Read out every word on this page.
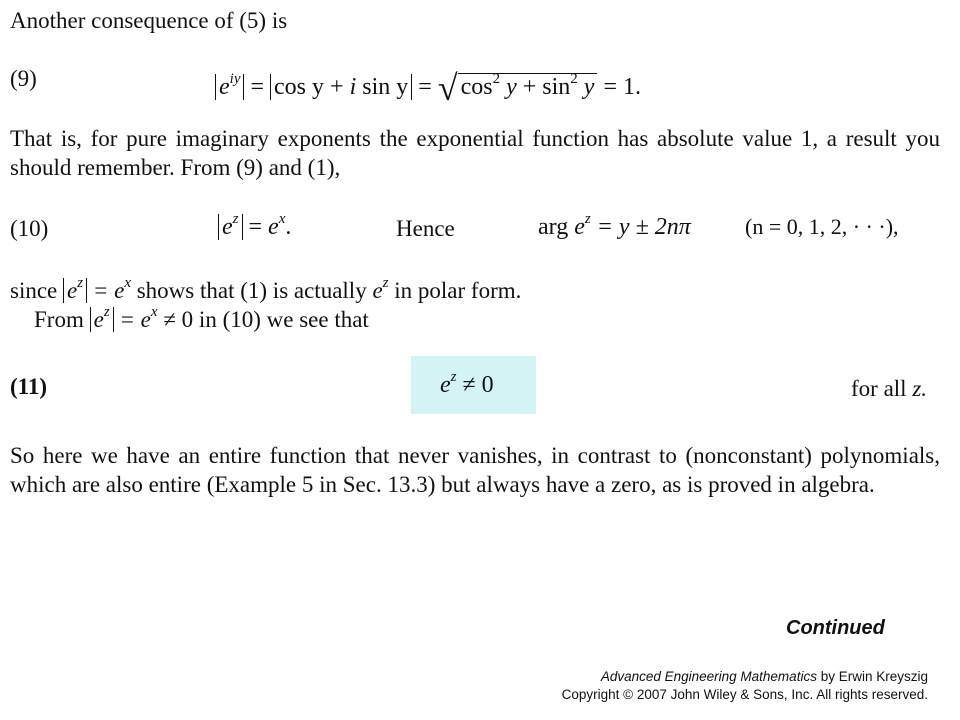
Another consequence of (5) is
(9)	$e^{iy} = \cos y + i$ sin y = √ $\cos^2 y + \sin^2 y = 1$.
That is, for pure imaginary exponents the exponential function has absolute value 1, a result you should remember. From (9) and (1),
(10)	$e^z = e^x$.	Hence	arg $e^z = y \pm 2n\pi$ (n = 0, 1, 2, · · ·),
since $e^z = e^x$ shows that (1) is actually $e^z$ in polar form.
From $e^z = e^x \ne 0$ in (10) we see that
(11)	$e^z \ne 0$	for all z.
So here we have an entire function that never vanishes, in contrast to (nonconstant) polynomials, which are also entire (Example 5 in Sec. 13.3) but always have a zero, as is proved in algebra.
Continued
Advanced Engineering Mathematics by Erwin Kreyszig
Copyright © 2007 John Wiley & Sons, Inc. All rights reserved.
